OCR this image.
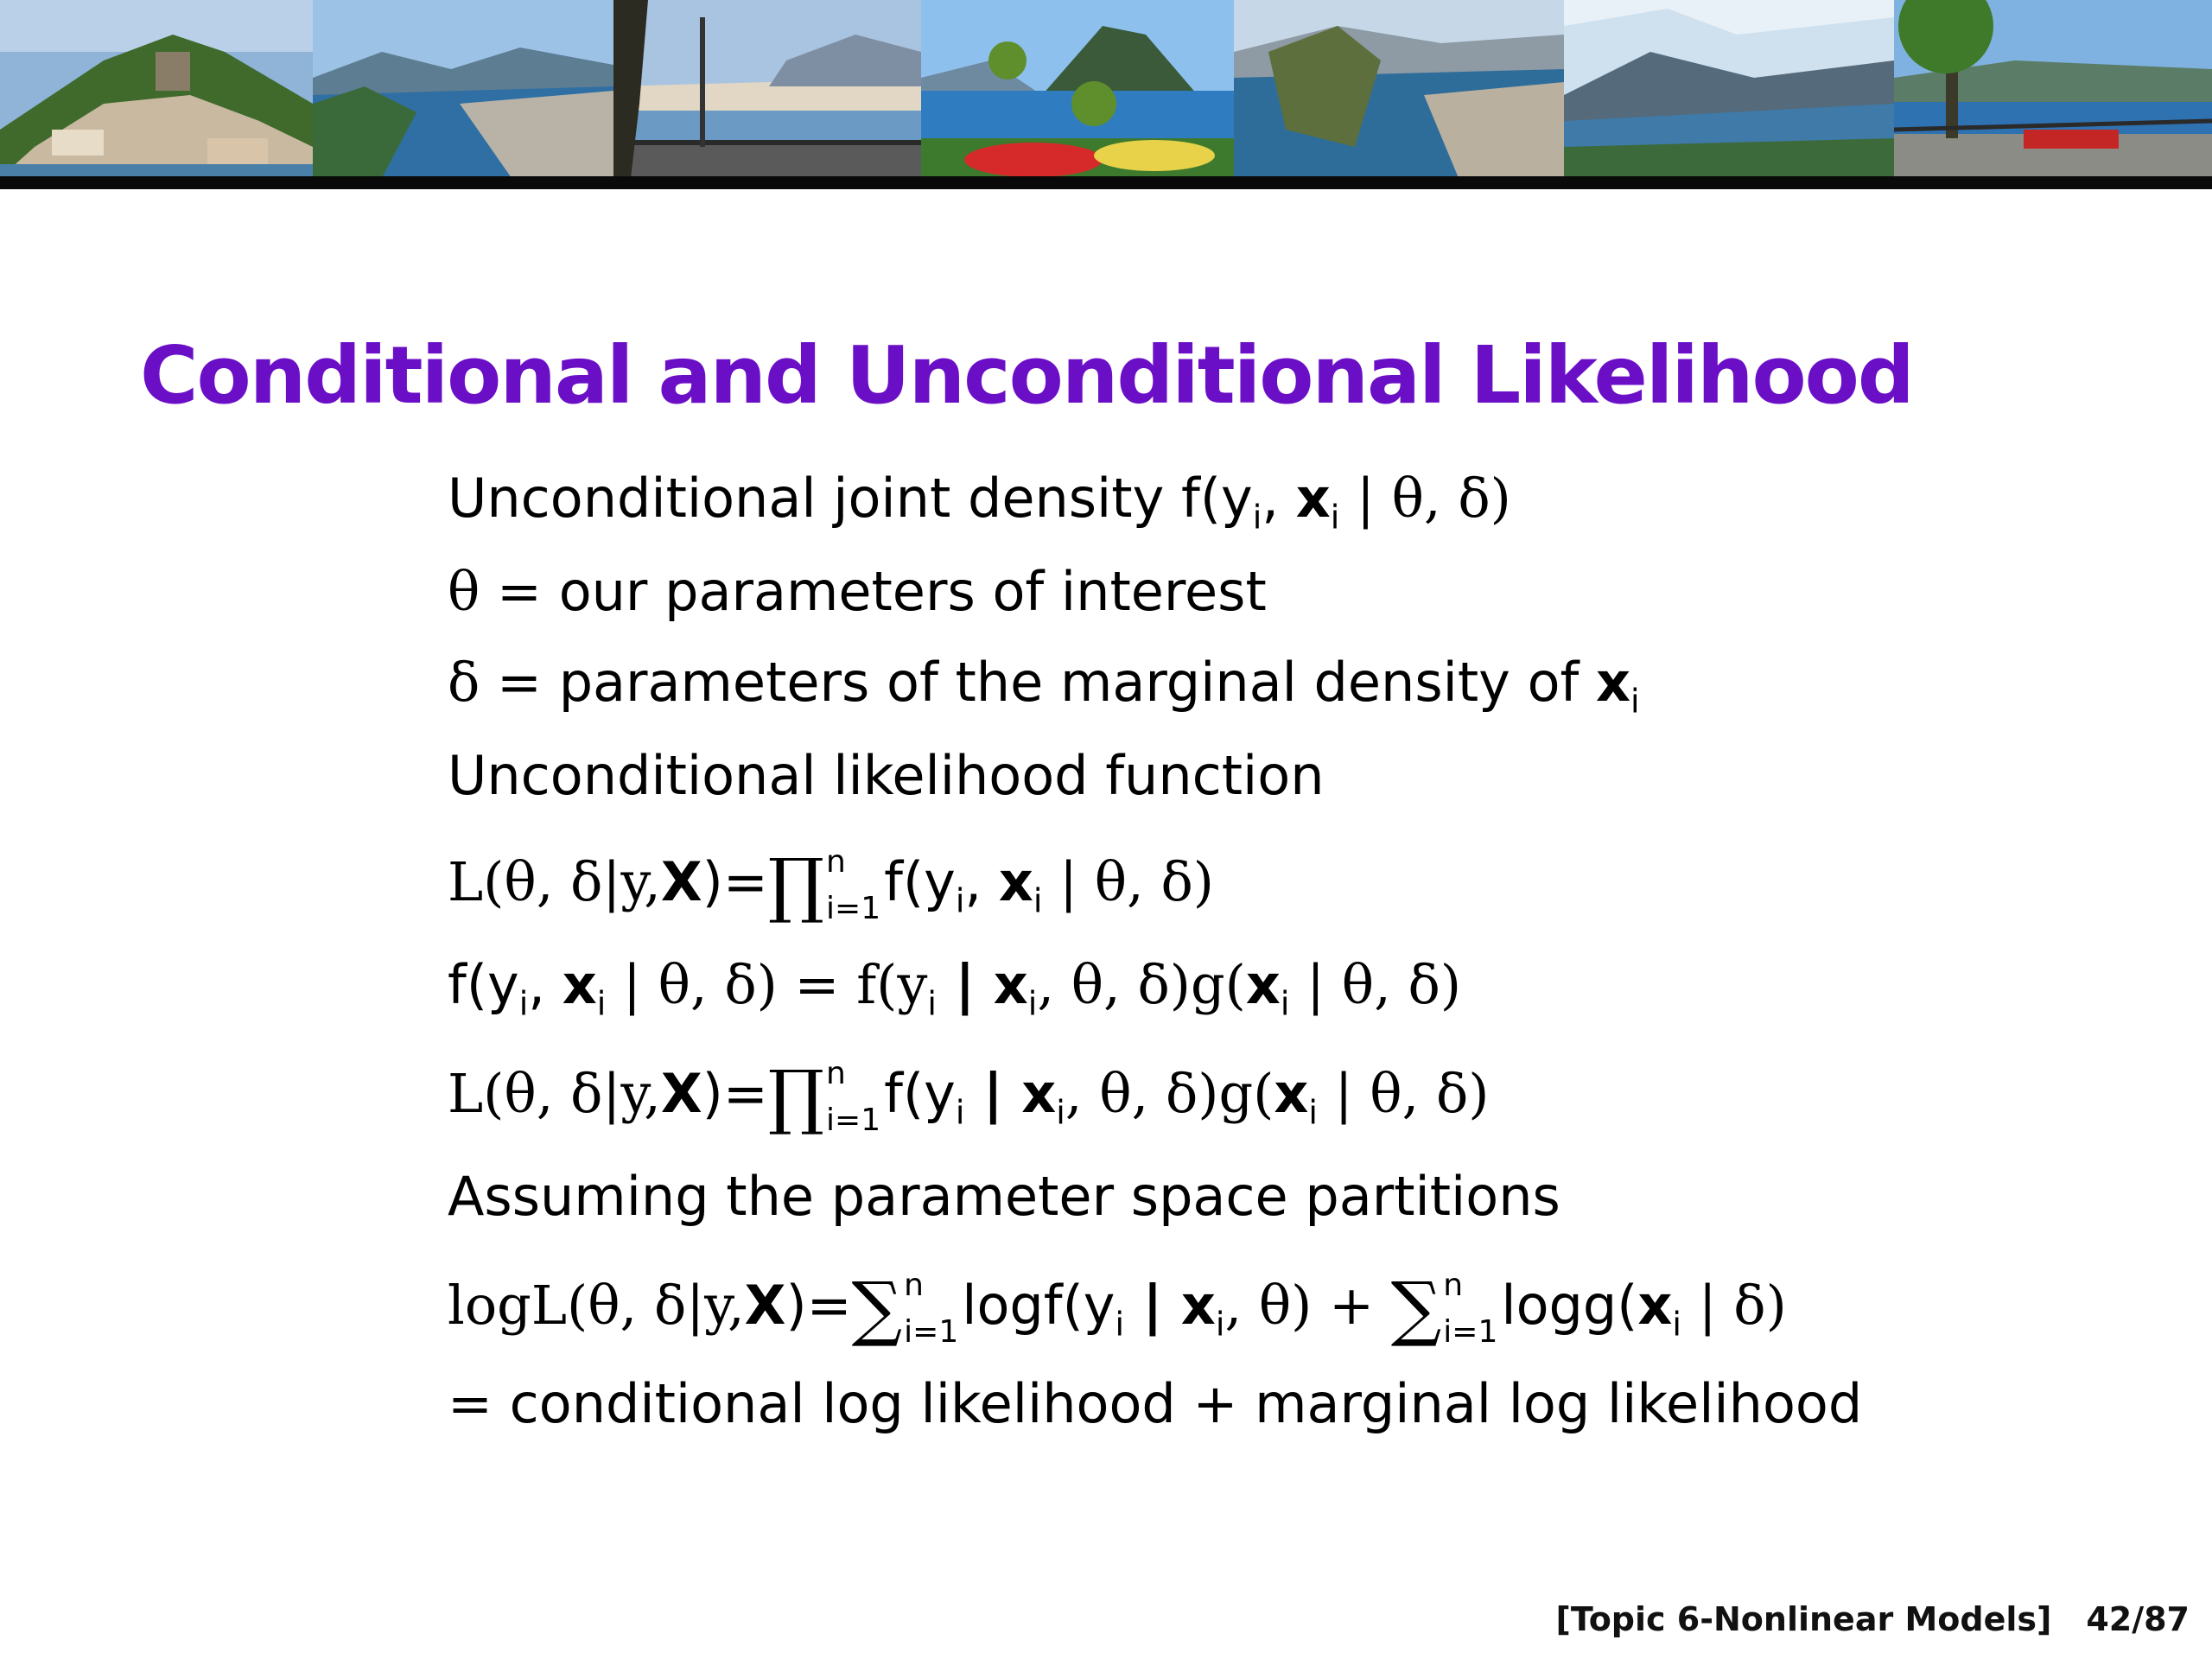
Conditional and Unconditional Likelihood

Unconditional joint density $f(y_i$, $x_i$ | θ, δ)

θ = our parameters of interest

δ = parameters of the marginal density of $x_i$

Unconditional likelihood function

L(θ, δ|y,X)=∏ n
i=1 $f(y_i$, $x_i$ | θ, δ)

$f(y_i$, $x_i$ | θ, $\delta) = f(y_i$ | $x_i$, θ, $\delta)g(x_i$ | θ, δ)

L(θ, δ|y,X)=∏ n
i=1 $f(y_i$ | $x_i$, θ, $\delta)g(x_i$ | θ, δ)

Assuming the parameter space partitions

logL(θ, δ|y,X)=∑ n
i=1 $\log f(y_i$ | $x_i$, θ) + ∑ n
i=1 $\log g(x_i$ | δ)

= conditional log likelihood + marginal log likelihood

[Topic 6-Nonlinear Models] 42/87
